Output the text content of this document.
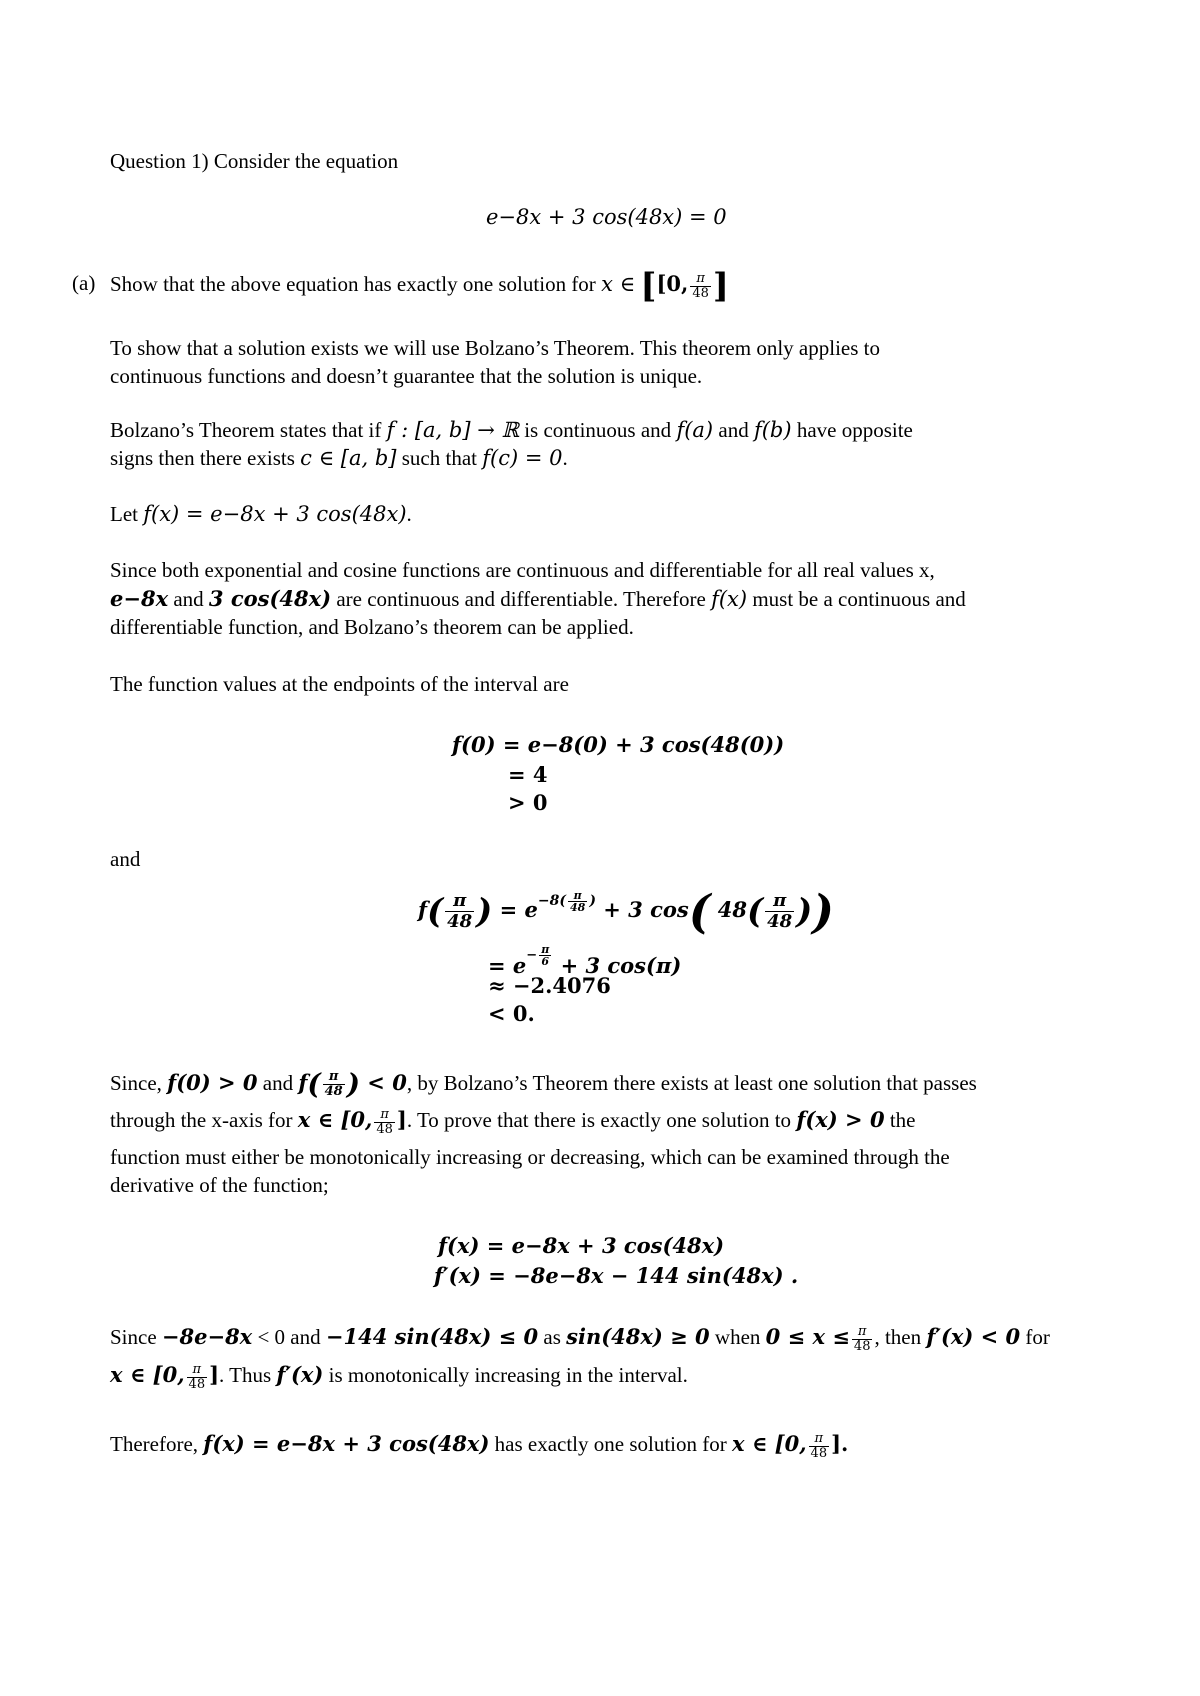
Question 1) Consider the equation
e−8x + 3 cos(48x) = 0
(a) Show that the above equation has exactly one solution for x ∈ [[0, $\frac{\pi}{48}$ ]
To show that a solution exists we will use Bolzano’s Theorem. This theorem only applies to
continuous functions and doesn’t guarantee that the solution is unique.
Bolzano’s Theorem states that if f : [a, b] → ℝ is continuous and f(a) and f(b) have opposite
signs then there exists c ∈ [a, b] such that f(c) = 0.
Let f(x) = e−8x + 3 cos(48x).
Since both exponential and cosine functions are continuous and differentiable for all real values x,
e−8x and 3 cos(48x) are continuous and differentiable. Therefore f(x) must be a continuous and
differentiable function, and Bolzano’s theorem can be applied.
The function values at the endpoints of the interval are
f(0) = e−8(0) + 3 cos(48(0))
= 4
> 0
and
$f( \frac{\pi}{48}$ ) = $e^{-8( \frac{\pi}{48} )} + 3$ cos( $48( \frac{\pi}{48}$ ))
= $e^{- \frac{\pi}{6}} + 3$ cos(π)
≈ −2.4076
< 0.
Since, f(0) > 0 and $f( \frac{\pi}{48}$ ) < 0, by Bolzano’s Theorem there exists at least one solution that passes
through the x-axis for x ∈ [0, $\frac{\pi}{48}$ ]. To prove that there is exactly one solution to f(x) > 0 the
function must either be monotonically increasing or decreasing, which can be examined through the
derivative of the function;
f(x) = e−8x + 3 cos(48x)
f′(x) = −8e−8x − 144 sin(48x) .
Since −8e−8x < 0 and −144 sin(48x) ≤ 0 as sin(48x) ≥ 0 when $0 \le x \le \frac{\pi}{48}$ , then f′(x) < 0 for
x ∈ [0, $\frac{\pi}{48}$ ]. Thus f′(x) is monotonically increasing in the interval.
Therefore, f(x) = e−8x + 3 cos(48x) has exactly one solution for x ∈ [0, $\frac{\pi}{48}$ ].
